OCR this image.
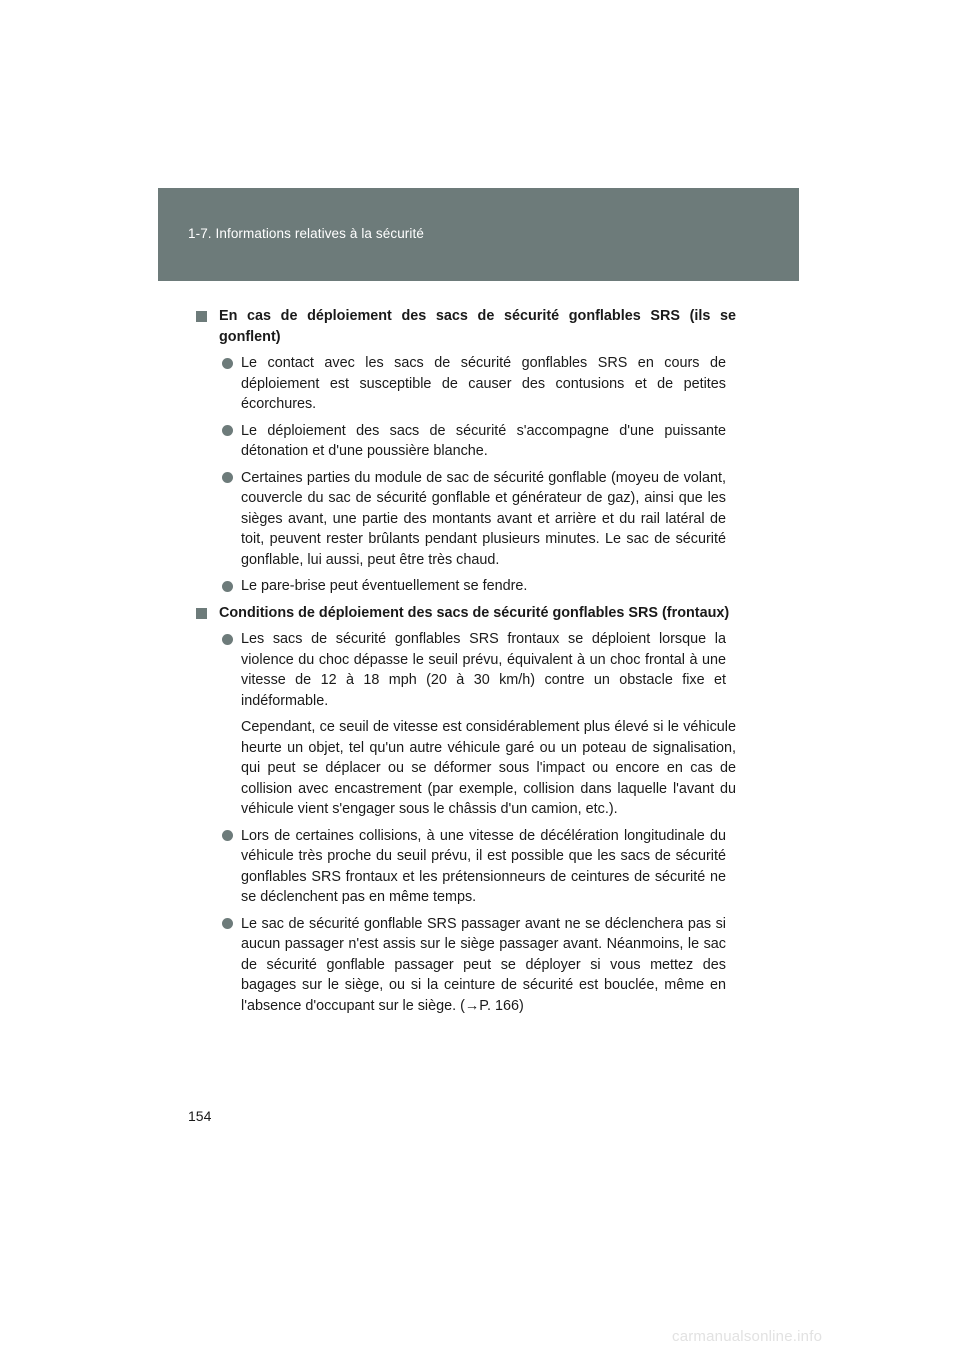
1-7. Informations relatives à la sécurité
En cas de déploiement des sacs de sécurité gonflables SRS (ils se gonflent)
Le contact avec les sacs de sécurité gonflables SRS en cours de déploiement est susceptible de causer des contusions et de petites écorchures.
Le déploiement des sacs de sécurité s'accompagne d'une puissante détonation et d'une poussière blanche.
Certaines parties du module de sac de sécurité gonflable (moyeu de volant, couvercle du sac de sécurité gonflable et générateur de gaz), ainsi que les sièges avant, une partie des montants avant et arrière et du rail latéral de toit, peuvent rester brûlants pendant plusieurs minutes. Le sac de sécurité gonflable, lui aussi, peut être très chaud.
Le pare-brise peut éventuellement se fendre.
Conditions de déploiement des sacs de sécurité gonflables SRS (frontaux)
Les sacs de sécurité gonflables SRS frontaux se déploient lorsque la violence du choc dépasse le seuil prévu, équivalent à un choc frontal à une vitesse de 12 à 18 mph (20 à 30 km/h) contre un obstacle fixe et indéformable.
Cependant, ce seuil de vitesse est considérablement plus élevé si le véhicule heurte un objet, tel qu'un autre véhicule garé ou un poteau de signalisation, qui peut se déplacer ou se déformer sous l'impact ou encore en cas de collision avec encastrement (par exemple, collision dans laquelle l'avant du véhicule vient s'engager sous le châssis d'un camion, etc.).
Lors de certaines collisions, à une vitesse de décélération longitudinale du véhicule très proche du seuil prévu, il est possible que les sacs de sécurité gonflables SRS frontaux et les prétensionneurs de ceintures de sécurité ne se déclenchent pas en même temps.
Le sac de sécurité gonflable SRS passager avant ne se déclenchera pas si aucun passager n'est assis sur le siège passager avant. Néanmoins, le sac de sécurité gonflable passager peut se déployer si vous mettez des bagages sur le siège, ou si la ceinture de sécurité est bouclée, même en l'absence d'occupant sur le siège. (→P. 166)
154
carmanualsonline.info
